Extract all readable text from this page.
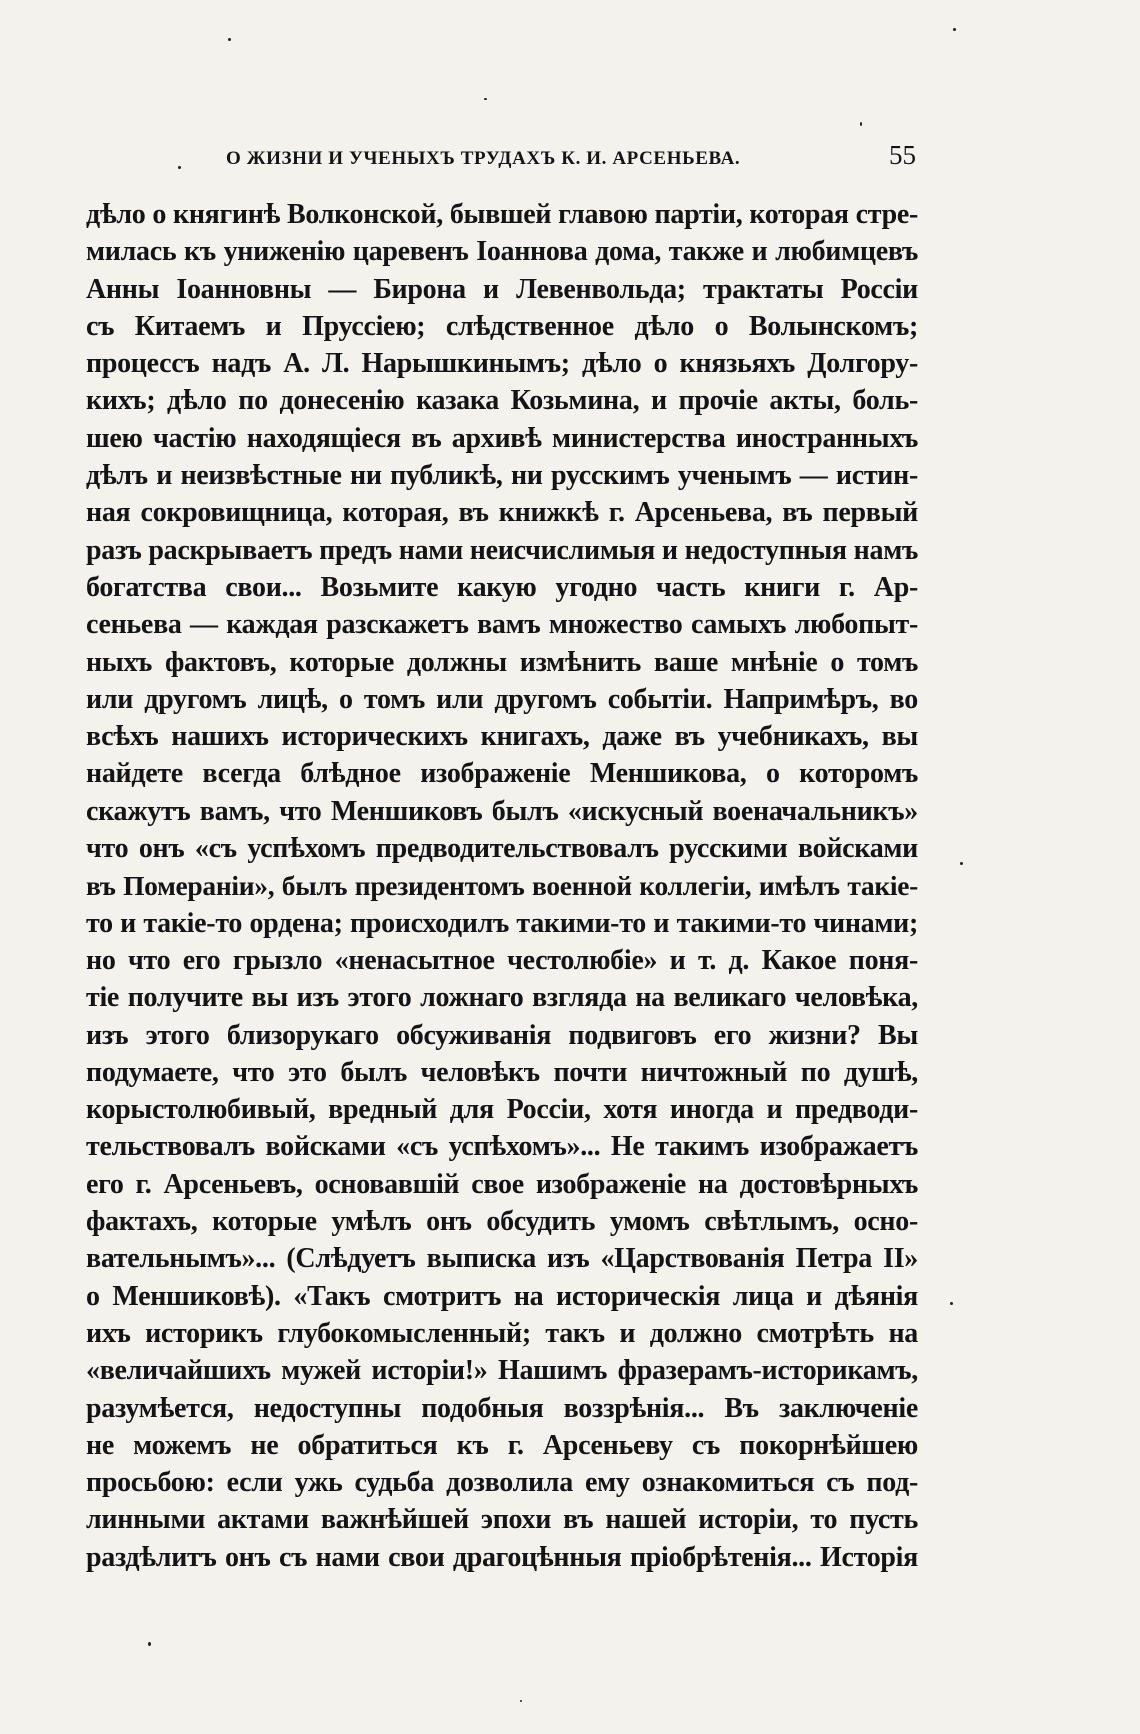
О ЖИЗНИ И УЧЕНЫХЪ ТРУДАХЪ К. И. АРСЕНЬЕВА.	55
дѣло о княгинѣ Волконской, бывшей главою партіи, которая стре-
милась къ униженію царевенъ Іоаннова дома, также и любимцевъ
Анны Іоанновны — Бирона и Левенвольда; трактаты Россіи
съ Китаемъ и Пруссіею; слѣдственное дѣло о Волынскомъ;
процессъ надъ А. Л. Нарышкинымъ; дѣло о князьяхъ Долгору-
кихъ; дѣло по донесенію казака Козьмина, и прочіе акты, боль-
шею частію находящіеся въ архивѣ министерства иностранныхъ
дѣлъ и неизвѣстные ни публикѣ, ни русскимъ ученымъ — истин-
ная сокровищница, которая, въ книжкѣ г. Арсеньева, въ первый
разъ раскрываетъ предъ нами неисчислимыя и недоступныя намъ
богатства свои... Возьмите какую угодно часть книги г. Ар-
сеньева — каждая разскажетъ вамъ множество самыхъ любопыт-
ныхъ фактовъ, которые должны измѣнить ваше мнѣніе о томъ
или другомъ лицѣ, о томъ или другомъ событіи. Напримѣръ, во
всѣхъ нашихъ историческихъ книгахъ, даже въ учебникахъ, вы
найдете всегда блѣдное изображеніе Меншикова, о которомъ
скажутъ вамъ, что Меншиковъ былъ «искусный военачальникъ»
что онъ «съ успѣхомъ предводительствовалъ русскими войсками
въ Помераніи», былъ президентомъ военной коллегіи, имѣлъ такіе-
то и такіе-то ордена; происходилъ такими-то и такими-то чинами;
но что его грызло «ненасытное честолюбіе» и т. д. Какое поня-
тіе получите вы изъ этого ложнаго взгляда на великаго человѣка,
изъ этого близорукаго обсуживанія подвиговъ его жизни? Вы
подумаете, что это былъ человѣкъ почти ничтожный по душѣ,
корыстолюбивый, вредный для Россіи, хотя иногда и предводи-
тельствовалъ войсками «съ успѣхомъ»... Не такимъ изображаетъ
его г. Арсеньевъ, основавшій свое изображеніе на достовѣрныхъ
фактахъ, которые умѣлъ онъ обсудить умомъ свѣтлымъ, осно-
вательнымъ»... (Слѣдуетъ выписка изъ «Царствованія Петра II»
о Меншиковѣ). «Такъ смотритъ на историческія лица и дѣянія
ихъ историкъ глубокомысленный; такъ и должно смотрѣть на
«величайшихъ мужей исторіи!» Нашимъ фразерамъ-историкамъ,
разумѣется, недоступны подобныя воззрѣнія... Въ заключеніе
не можемъ не обратиться къ г. Арсеньеву съ покорнѣйшею
просьбою: если ужь судьба дозволила ему ознакомиться съ под-
линными актами важнѣйшей эпохи въ нашей исторіи, то пусть
раздѣлитъ онъ съ нами свои драгоцѣнныя пріобрѣтенія... Исторія
